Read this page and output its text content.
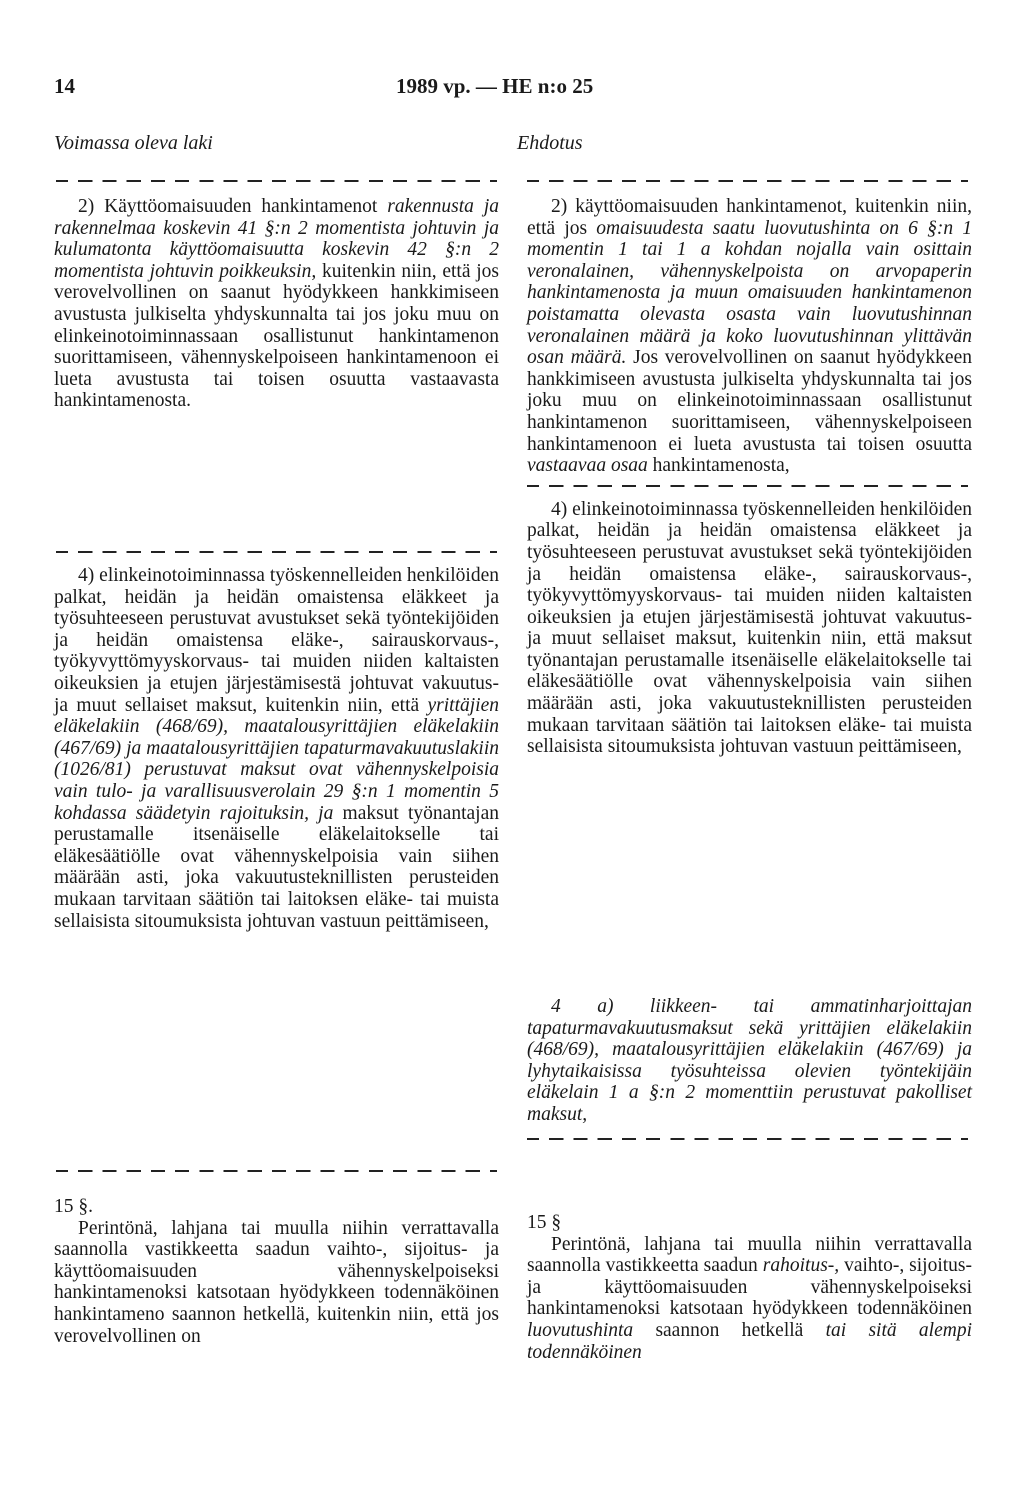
14	1989 vp. — HE n:o 25
Voimassa oleva laki	Ehdotus

2) Käyttöomaisuuden hankintamenot rakennusta ja rakennelmaa koskevin 41 §:n 2 momentista johtuvin ja kulumatonta käyttöomaisuutta koskevin 42 §:n 2 momentista johtuvin poikkeuksin, kuitenkin niin, että jos verovelvollinen on saanut hyödykkeen hankkimiseen avustusta julkiselta yhdyskunnalta tai jos joku muu on elinkeinotoiminnassaan osallistunut hankintamenon suorittamiseen, vähennyskelpoiseen hankintamenoon ei lueta avustusta tai toisen osuutta vastaavasta hankintamenosta.

4) elinkeinotoiminnassa työskennelleiden henkilöiden palkat, heidän ja heidän omaistensa eläkkeet ja työsuhteeseen perustuvat avustukset sekä työntekijöiden ja heidän omaistensa eläke-, sairauskorvaus-, työkyvyttömyyskorvaus- tai muiden niiden kaltaisten oikeuksien ja etujen järjestämisestä johtuvat vakuutus- ja muut sellaiset maksut, kuitenkin niin, että yrittäjien eläkelakiin (468/69), maatalousyrittäjien eläkelakiin (467/69) ja maatalousyrittäjien tapaturmavakuutuslakiin (1026/81) perustuvat maksut ovat vähennyskelpoisia vain tulo- ja varallisuusverolain 29 §:n 1 momentin 5 kohdassa säädetyin rajoituksin, ja maksut työnantajan perustamalle itsenäiselle eläkelaitokselle tai eläkesäätiölle ovat vähennyskelpoisia vain siihen määrään asti, joka vakuutusteknillisten perusteiden mukaan tarvitaan säätiön tai laitoksen eläke- tai muista sellaisista sitoumuksista johtuvan vastuun peittämiseen,

15 §.

Perintönä, lahjana tai muulla niihin verrattavalla saannolla vastikkeetta saadun vaihto-, sijoitus- ja käyttöomaisuuden vähennyskelpoiseksi hankintamenoksi katsotaan hyödykkeen todennäköinen hankintameno saannon hetkellä, kuitenkin niin, että jos verovelvollinen on

2) käyttöomaisuuden hankintamenot, kuitenkin niin, että jos omaisuudesta saatu luovutushinta on 6 §:n 1 momentin 1 tai 1 a kohdan nojalla vain osittain veronalainen, vähennyskelpoista on arvopaperin hankintamenosta ja muun omaisuuden hankintamenon poistamatta olevasta osasta vain luovutushinnan veronalainen määrä ja koko luovutushinnan ylittävän osan määrä. Jos verovelvollinen on saanut hyödykkeen hankkimiseen avustusta julkiselta yhdyskunnalta tai jos joku muu on elinkeinotoiminnassaan osallistunut hankintamenon suorittamiseen, vähennyskelpoiseen hankintamenoon ei lueta avustusta tai toisen osuutta vastaavaa osaa hankintamenosta,

4) elinkeinotoiminnassa työskennelleiden henkilöiden palkat, heidän ja heidän omaistensa eläkkeet ja työsuhteeseen perustuvat avustukset sekä työntekijöiden ja heidän omaistensa eläke-, sairauskorvaus-, työkyvyttömyyskorvaus- tai muiden niiden kaltaisten oikeuksien ja etujen järjestämisestä johtuvat vakuutus- ja muut sellaiset maksut, kuitenkin niin, että maksut työnantajan perustamalle itsenäiselle eläkelaitokselle tai eläkesäätiölle ovat vähennyskelpoisia vain siihen määrään asti, joka vakuutusteknillisten perusteiden mukaan tarvitaan säätiön tai laitoksen eläke- tai muista sellaisista sitoumuksista johtuvan vastuun peittämiseen,

4 a) liikkeen- tai ammatinharjoittajan tapaturmavakuutusmaksut sekä yrittäjien eläkelakiin (468/69), maatalousyrittäjien eläkelakiin (467/69) ja lyhytaikaisissa työsuhteissa olevien työntekijäin eläkelain 1 a §:n 2 momenttiin perustuvat pakolliset maksut,

15 §

Perintönä, lahjana tai muulla niihin verrattavalla saannolla vastikkeetta saadun rahoitus-, vaihto-, sijoitus- ja käyttöomaisuuden vähennyskelpoiseksi hankintamenoksi katsotaan hyödykkeen todennäköinen luovutushinta saannon hetkellä tai sitä alempi todennäköinen
